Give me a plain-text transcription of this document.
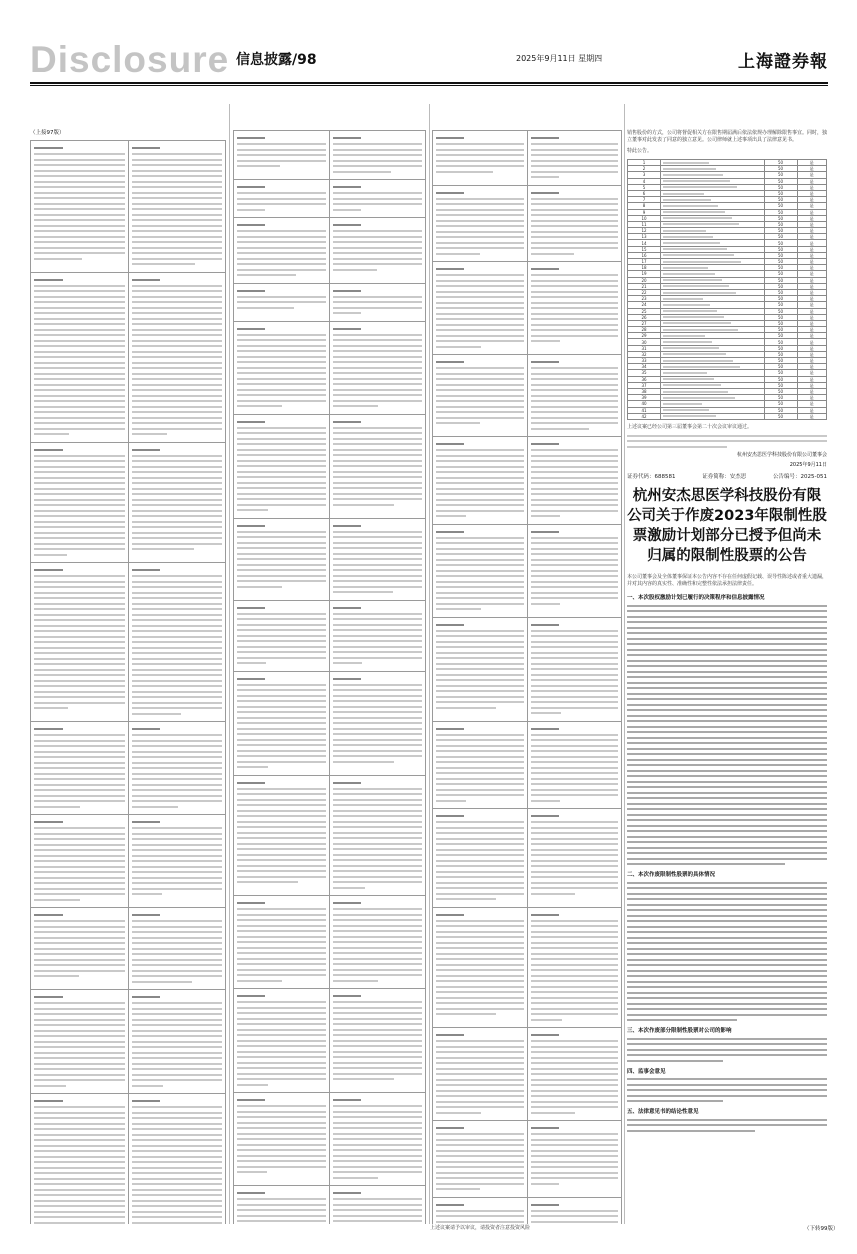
Disclosure 信息披露/98	2025年9月11日 星期四	上海證券報
（上接97版）

		销售股份的方式，公司将督促相关方在限售期届满后依法依规办理解除限售事宜。同时，独立董事对此发表了同意的独立意见。公司律师就上述事项出具了法律意见书。
特此公告。
1		50	是
2		50	是
3		50	是
4		50	是
5		50	是
6		50	是
7		50	是
8		50	是
9		50	是
10		50	是
11		50	是
12		50	是
13		50	是
14		50	是
15		50	是
16		50	是
17		50	是
18		50	是
19		50	是
20		50	是
21		50	是
22		50	是
23		50	是
24		50	是
25		50	是
26		50	是
27		50	是
28		50	是
29		50	是
30		50	是
31		50	是
32		50	是
33		50	是
34		50	是
35		50	是
36		50	是
37		50	是
38		50	是
39		50	是
40		50	是
41		50	是
42		50	是
上述议案已经公司第三届董事会第二十次会议审议通过。
杭州安杰思医学科技股份有限公司董事会
2025年9月11日
证券代码：688581	证券简称：安杰思	公告编号：2025-051
杭州安杰思医学科技股份有限公司关于作废2023年限制性股票激励计划部分已授予但尚未归属的限制性股票的公告
本公司董事会及全体董事保证本公告内容不存在任何虚假记载、误导性陈述或者重大遗漏，并对其内容的真实性、准确性和完整性依法承担法律责任。
一、本次股权激励计划已履行的决策程序和信息披露情况
二、本次作废限制性股票的具体情况
三、本次作废部分限制性股票对公司的影响
四、监事会意见
五、法律意见书的结论性意见
上述议案请予以审议，请投资者注意投资风险	（下转99版）
